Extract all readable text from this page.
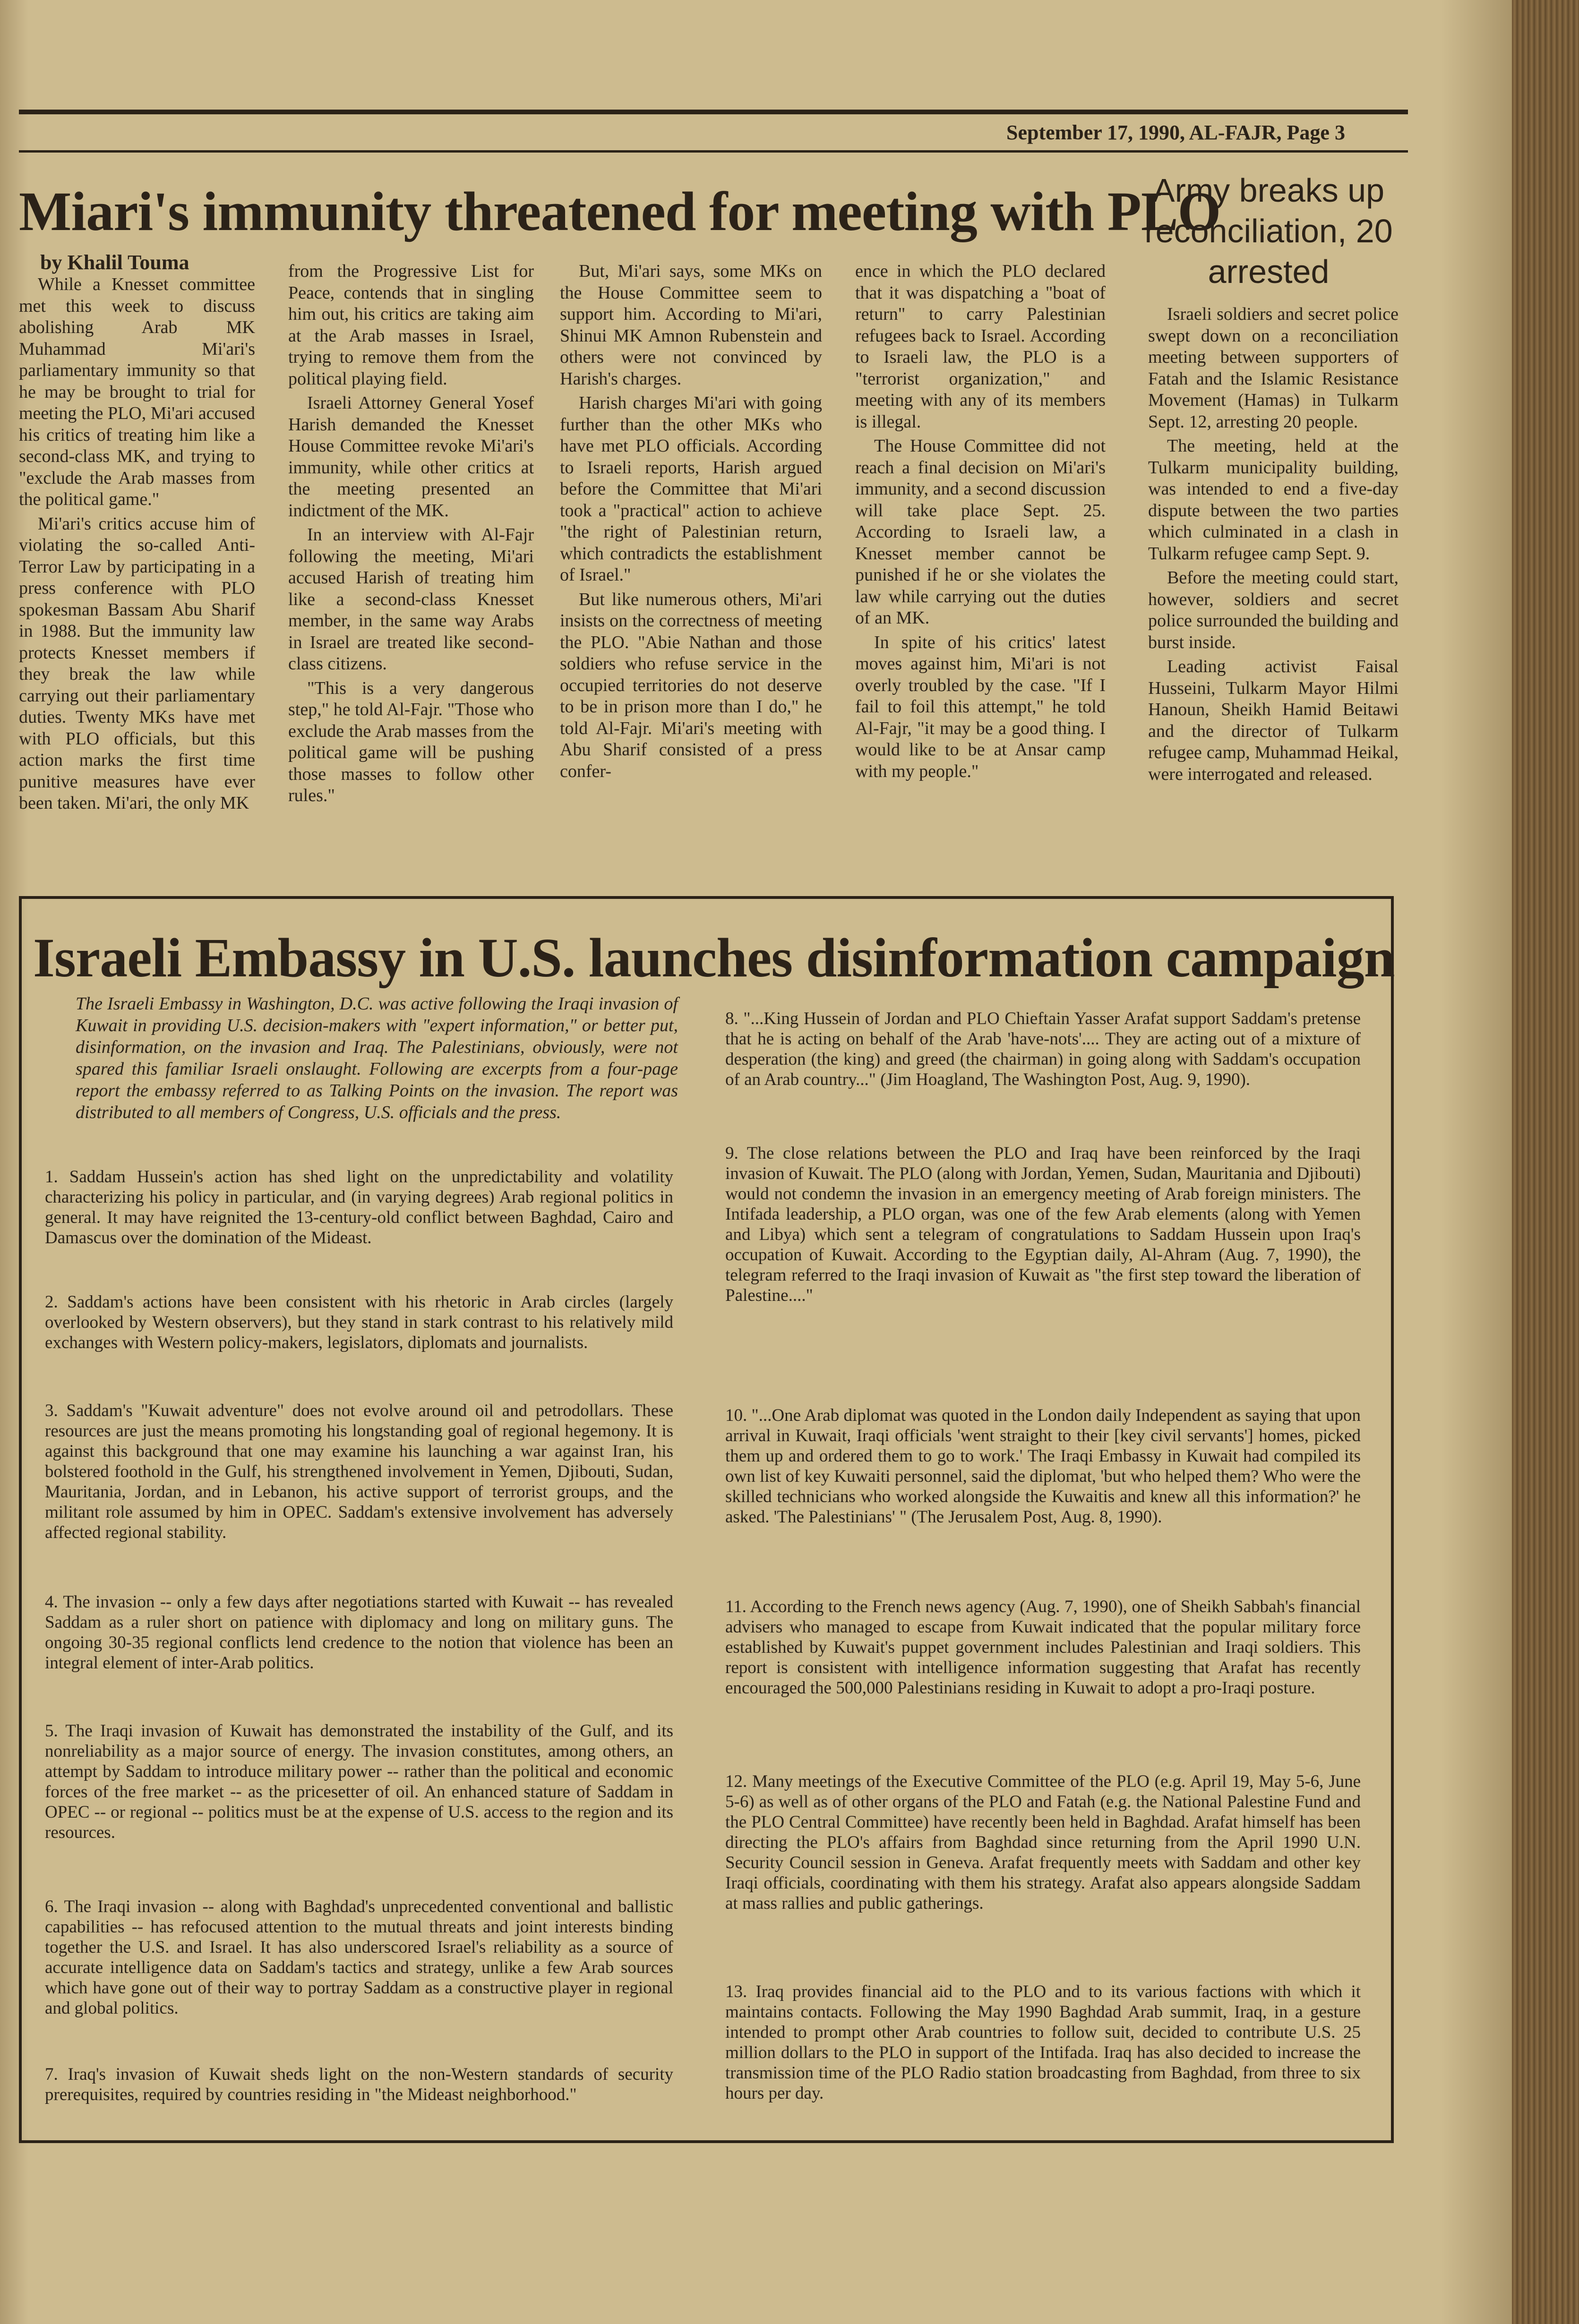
September 17, 1990, AL-FAJR, Page 3
Miari's immunity threatened for meeting with PLO
by Khalil Touma

While a Knesset committee met this week to discuss abolishing Arab MK Muhammad Mi'ari's parliamentary immunity so that he may be brought to trial for meeting the PLO, Mi'ari accused his critics of treating him like a second-class MK, and trying to "exclude the Arab masses from the political game."

Mi'ari's critics accuse him of violating the so-called Anti-Terror Law by participating in a press conference with PLO spokesman Bassam Abu Sharif in 1988. But the immunity law protects Knesset members if they break the law while carrying out their parliamentary duties. Twenty MKs have met with PLO officials, but this action marks the first time punitive measures have ever been taken. Mi'ari, the only MK

from the Progressive List for Peace, contends that in singling him out, his critics are taking aim at the Arab masses in Israel, trying to remove them from the political playing field.

Israeli Attorney General Yosef Harish demanded the Knesset House Committee revoke Mi'ari's immunity, while other critics at the meeting presented an indictment of the MK.

In an interview with Al-Fajr following the meeting, Mi'ari accused Harish of treating him like a second-class Knesset member, in the same way Arabs in Israel are treated like second-class citizens.

"This is a very dangerous step," he told Al-Fajr. "Those who exclude the Arab masses from the political game will be pushing those masses to follow other rules."

But, Mi'ari says, some MKs on the House Committee seem to support him. According to Mi'ari, Shinui MK Amnon Rubenstein and others were not convinced by Harish's charges.

Harish charges Mi'ari with going further than the other MKs who have met PLO officials. According to Israeli reports, Harish argued before the Committee that Mi'ari took a "practical" action to achieve "the right of Palestinian return, which contradicts the establishment of Israel."

But like numerous others, Mi'ari insists on the correctness of meeting the PLO. "Abie Nathan and those soldiers who refuse service in the occupied territories do not deserve to be in prison more than I do," he told Al-Fajr. Mi'ari's meeting with Abu Sharif consisted of a press confer-

ence in which the PLO declared that it was dispatching a "boat of return" to carry Palestinian refugees back to Israel. According to Israeli law, the PLO is a "terrorist organization," and meeting with any of its members is illegal.

The House Committee did not reach a final decision on Mi'ari's immunity, and a second discussion will take place Sept. 25. According to Israeli law, a Knesset member cannot be punished if he or she violates the law while carrying out the duties of an MK.

In spite of his critics' latest moves against him, Mi'ari is not overly troubled by the case. "If I fail to foil this attempt," he told Al-Fajr, "it may be a good thing. I would like to be at Ansar camp with my people."

Army breaks up reconciliation, 20 arrested

Israeli soldiers and secret police swept down on a reconciliation meeting between supporters of Fatah and the Islamic Resistance Movement (Hamas) in Tulkarm Sept. 12, arresting 20 people.

The meeting, held at the Tulkarm municipality building, was intended to end a five-day dispute between the two parties which culminated in a clash in Tulkarm refugee camp Sept. 9.

Before the meeting could start, however, soldiers and secret police surrounded the building and burst inside.

Leading activist Faisal Husseini, Tulkarm Mayor Hilmi Hanoun, Sheikh Hamid Beitawi and the director of Tulkarm refugee camp, Muhammad Heikal, were interrogated and released.

Israeli Embassy in U.S. launches disinformation campaign
The Israeli Embassy in Washington, D.C. was active following the Iraqi invasion of Kuwait in providing U.S. decision-makers with "expert information," or better put, disinformation, on the invasion and Iraq. The Palestinians, obviously, were not spared this familiar Israeli onslaught. Following are excerpts from a four-page report the embassy referred to as Talking Points on the invasion. The report was distributed to all members of Congress, U.S. officials and the press.
1. Saddam Hussein's action has shed light on the unpredictability and volatility characterizing his policy in particular, and (in varying degrees) Arab regional politics in general. It may have reignited the 13-century-old conflict between Baghdad, Cairo and Damascus over the domination of the Mideast.
2. Saddam's actions have been consistent with his rhetoric in Arab circles (largely overlooked by Western observers), but they stand in stark contrast to his relatively mild exchanges with Western policy-makers, legislators, diplomats and journalists.
3. Saddam's "Kuwait adventure" does not evolve around oil and petrodollars. These resources are just the means promoting his longstanding goal of regional hegemony. It is against this background that one may examine his launching a war against Iran, his bolstered foothold in the Gulf, his strengthened involvement in Yemen, Djibouti, Sudan, Mauritania, Jordan, and in Lebanon, his active support of terrorist groups, and the militant role assumed by him in OPEC. Saddam's extensive involvement has adversely affected regional stability.
4. The invasion -- only a few days after negotiations started with Kuwait -- has revealed Saddam as a ruler short on patience with diplomacy and long on military guns. The ongoing 30-35 regional conflicts lend credence to the notion that violence has been an integral element of inter-Arab politics.
5. The Iraqi invasion of Kuwait has demonstrated the instability of the Gulf, and its nonreliability as a major source of energy. The invasion constitutes, among others, an attempt by Saddam to introduce military power -- rather than the political and economic forces of the free market -- as the pricesetter of oil. An enhanced stature of Saddam in OPEC -- or regional -- politics must be at the expense of U.S. access to the region and its resources.
6. The Iraqi invasion -- along with Baghdad's unprecedented conventional and ballistic capabilities -- has refocused attention to the mutual threats and joint interests binding together the U.S. and Israel. It has also underscored Israel's reliability as a source of accurate intelligence data on Saddam's tactics and strategy, unlike a few Arab sources which have gone out of their way to portray Saddam as a constructive player in regional and global politics.
7. Iraq's invasion of Kuwait sheds light on the non-Western standards of security prerequisites, required by countries residing in "the Mideast neighborhood."
8. "...King Hussein of Jordan and PLO Chieftain Yasser Arafat support Saddam's pretense that he is acting on behalf of the Arab 'have-nots'.... They are acting out of a mixture of desperation (the king) and greed (the chairman) in going along with Saddam's occupation of an Arab country..." (Jim Hoagland, The Washington Post, Aug. 9, 1990).
9. The close relations between the PLO and Iraq have been reinforced by the Iraqi invasion of Kuwait. The PLO (along with Jordan, Yemen, Sudan, Mauritania and Djibouti) would not condemn the invasion in an emergency meeting of Arab foreign ministers. The Intifada leadership, a PLO organ, was one of the few Arab elements (along with Yemen and Libya) which sent a telegram of congratulations to Saddam Hussein upon Iraq's occupation of Kuwait. According to the Egyptian daily, Al-Ahram (Aug. 7, 1990), the telegram referred to the Iraqi invasion of Kuwait as "the first step toward the liberation of Palestine...."
10. "...One Arab diplomat was quoted in the London daily Independent as saying that upon arrival in Kuwait, Iraqi officials 'went straight to their [key civil servants'] homes, picked them up and ordered them to go to work.' The Iraqi Embassy in Kuwait had compiled its own list of key Kuwaiti personnel, said the diplomat, 'but who helped them? Who were the skilled technicians who worked alongside the Kuwaitis and knew all this information?' he asked. 'The Palestinians' " (The Jerusalem Post, Aug. 8, 1990).
11. According to the French news agency (Aug. 7, 1990), one of Sheikh Sabbah's financial advisers who managed to escape from Kuwait indicated that the popular military force established by Kuwait's puppet government includes Palestinian and Iraqi soldiers. This report is consistent with intelligence information suggesting that Arafat has recently encouraged the 500,000 Palestinians residing in Kuwait to adopt a pro-Iraqi posture.
12. Many meetings of the Executive Committee of the PLO (e.g. April 19, May 5-6, June 5-6) as well as of other organs of the PLO and Fatah (e.g. the National Palestine Fund and the PLO Central Committee) have recently been held in Baghdad. Arafat himself has been directing the PLO's affairs from Baghdad since returning from the April 1990 U.N. Security Council session in Geneva. Arafat frequently meets with Saddam and other key Iraqi officials, coordinating with them his strategy. Arafat also appears alongside Saddam at mass rallies and public gatherings.
13. Iraq provides financial aid to the PLO and to its various factions with which it maintains contacts. Following the May 1990 Baghdad Arab summit, Iraq, in a gesture intended to prompt other Arab countries to follow suit, decided to contribute U.S. 25 million dollars to the PLO in support of the Intifada. Iraq has also decided to increase the transmission time of the PLO Radio station broadcasting from Baghdad, from three to six hours per day.
